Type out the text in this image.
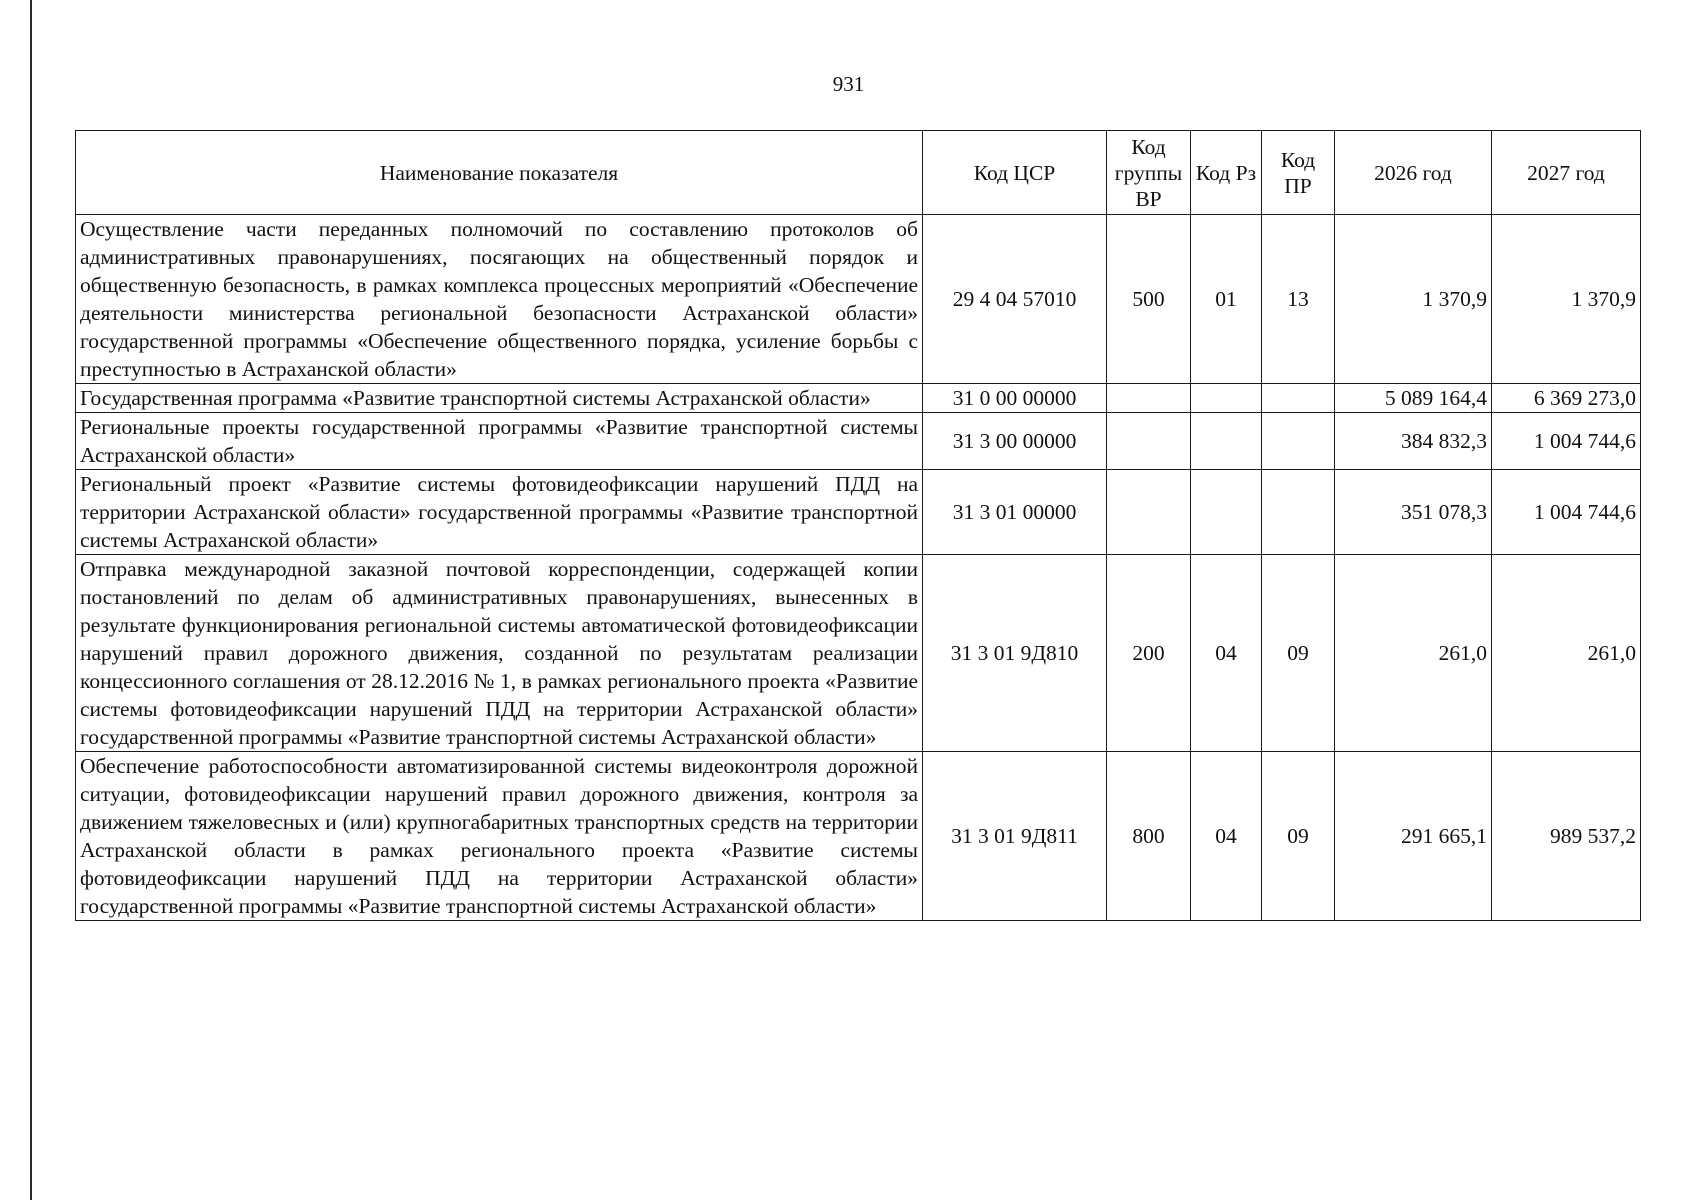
931
Наименование показателя	Код ЦСР	Код группы ВР	Код Рз	Код ПР	2026 год	2027 год
Осуществление части переданных полномочий по составлению протоколов об административных правонарушениях, посягающих на общественный порядок и общественную безопасность, в рамках комплекса процессных мероприятий «Обеспечение деятельности министерства региональной безопасности Астраханской области» государственной программы «Обеспечение общественного порядка, усиление борьбы с преступностью в Астраханской области»	29 4 04 57010	500	01	13	1 370,9	1 370,9
Государственная программа «Развитие транспортной системы Астраханской области»	31 0 00 00000				5 089 164,4	6 369 273,0
Региональные проекты государственной программы «Развитие транспортной системы Астраханской области»	31 3 00 00000				384 832,3	1 004 744,6
Региональный проект «Развитие системы фотовидеофиксации нарушений ПДД на территории Астраханской области» государственной программы «Развитие транспортной системы Астраханской области»	31 3 01 00000				351 078,3	1 004 744,6
Отправка международной заказной почтовой корреспонденции, содержащей копии постановлений по делам об административных правонарушениях, вынесенных в результате функционирования региональной системы автоматической фотовидеофиксации нарушений правил дорожного движения, созданной по результатам реализации концессионного соглашения от 28.12.2016 № 1, в рамках регионального проекта «Развитие системы фотовидеофиксации нарушений ПДД на территории Астраханской области» государственной программы «Развитие транспортной системы Астраханской области»	31 3 01 9Д810	200	04	09	261,0	261,0
Обеспечение работоспособности автоматизированной системы видеоконтроля дорожной ситуации, фотовидеофиксации нарушений правил дорожного движения, контроля за движением тяжеловесных и (или) крупногабаритных транспортных средств на территории Астраханской области в рамках регионального проекта «Развитие системы фотовидеофиксации нарушений ПДД на территории Астраханской области» государственной программы «Развитие транспортной системы Астраханской области»	31 3 01 9Д811	800	04	09	291 665,1	989 537,2
